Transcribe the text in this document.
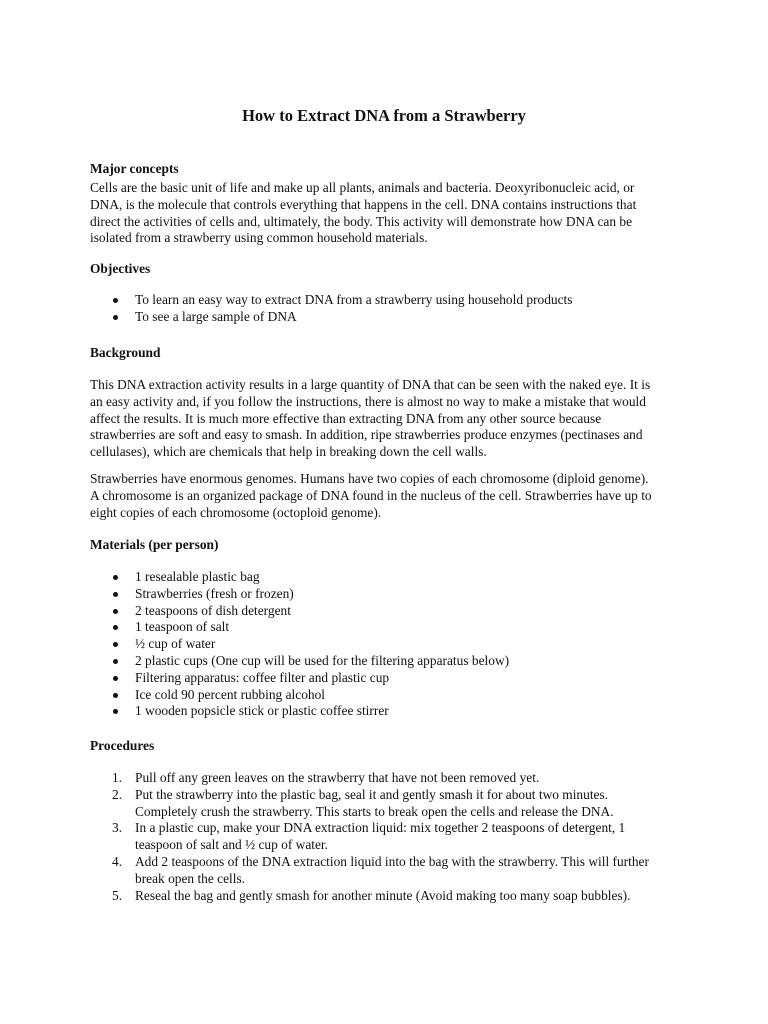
How to Extract DNA from a Strawberry
Major concepts
Cells are the basic unit of life and make up all plants, animals and bacteria. Deoxyribonucleic acid, or
DNA, is the molecule that controls everything that happens in the cell. DNA contains instructions that
direct the activities of cells and, ultimately, the body. This activity will demonstrate how DNA can be
isolated from a strawberry using common household materials.
Objectives
To learn an easy way to extract DNA from a strawberry using household products
To see a large sample of DNA
Background
This DNA extraction activity results in a large quantity of DNA that can be seen with the naked eye. It is
an easy activity and, if you follow the instructions, there is almost no way to make a mistake that would
affect the results. It is much more effective than extracting DNA from any other source because
strawberries are soft and easy to smash. In addition, ripe strawberries produce enzymes (pectinases and
cellulases), which are chemicals that help in breaking down the cell walls.
Strawberries have enormous genomes. Humans have two copies of each chromosome (diploid genome).
A chromosome is an organized package of DNA found in the nucleus of the cell. Strawberries have up to
eight copies of each chromosome (octoploid genome).
Materials (per person)
1 resealable plastic bag
Strawberries (fresh or frozen)
2 teaspoons of dish detergent
1 teaspoon of salt
½ cup of water
2 plastic cups (One cup will be used for the filtering apparatus below)
Filtering apparatus: coffee filter and plastic cup
Ice cold 90 percent rubbing alcohol
1 wooden popsicle stick or plastic coffee stirrer
Procedures
1. Pull off any green leaves on the strawberry that have not been removed yet.
2. Put the strawberry into the plastic bag, seal it and gently smash it for about two minutes.
Completely crush the strawberry. This starts to break open the cells and release the DNA.
3. In a plastic cup, make your DNA extraction liquid: mix together 2 teaspoons of detergent, 1
teaspoon of salt and ½ cup of water.
4. Add 2 teaspoons of the DNA extraction liquid into the bag with the strawberry. This will further
break open the cells.
5. Reseal the bag and gently smash for another minute (Avoid making too many soap bubbles).
